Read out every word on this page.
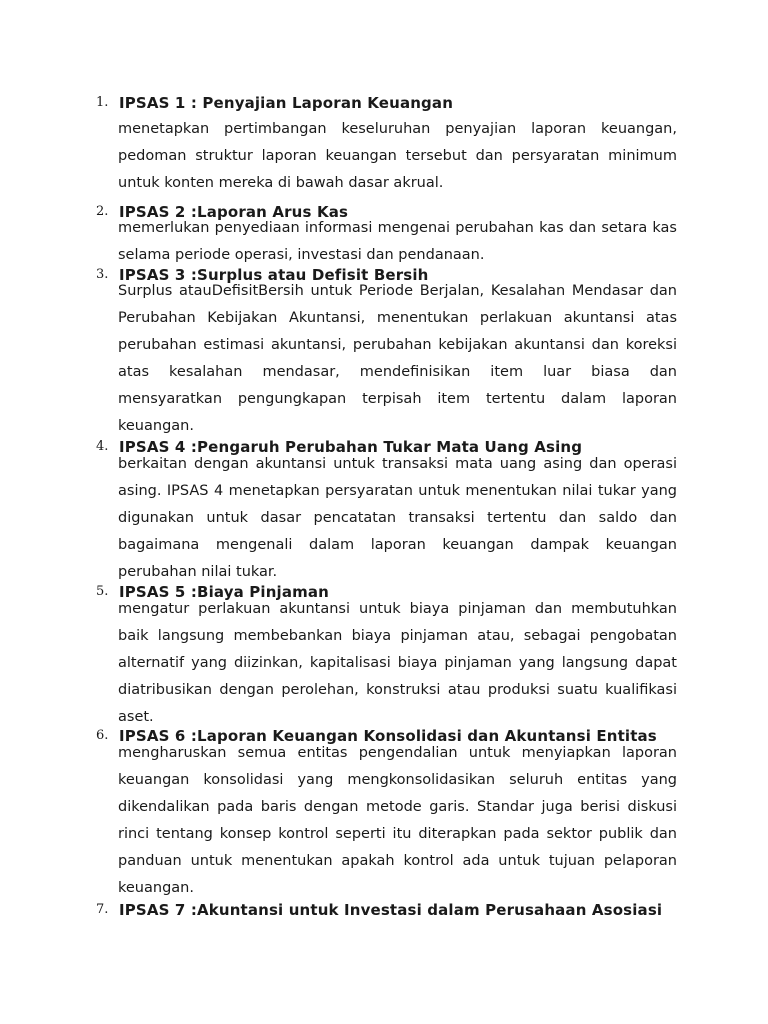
1. IPSAS 1 : Penyajian Laporan Keuangan
menetapkan pertimbangan keseluruhan penyajian laporan keuangan, pedoman struktur laporan keuangan tersebut dan persyaratan minimum untuk konten mereka di bawah dasar akrual.
2. IPSAS 2 :Laporan Arus Kas
memerlukan penyediaan informasi mengenai perubahan kas dan setara kas selama periode operasi, investasi dan pendanaan.
3. IPSAS 3 :Surplus atau Defisit Bersih
Surplus atauDefisitBersih untuk Periode Berjalan, Kesalahan Mendasar dan Perubahan Kebijakan Akuntansi, menentukan perlakuan akuntansi atas perubahan estimasi akuntansi, perubahan kebijakan akuntansi dan koreksi atas kesalahan mendasar, mendefinisikan item luar biasa dan mensyaratkan pengungkapan terpisah item tertentu dalam laporan keuangan.
4. IPSAS 4 :Pengaruh Perubahan Tukar Mata Uang Asing
berkaitan dengan akuntansi untuk transaksi mata uang asing dan operasi asing. IPSAS 4 menetapkan persyaratan untuk menentukan nilai tukar yang digunakan untuk dasar pencatatan transaksi tertentu dan saldo dan bagaimana mengenali dalam laporan keuangan dampak keuangan perubahan nilai tukar.
5. IPSAS 5 :Biaya Pinjaman
mengatur perlakuan akuntansi untuk biaya pinjaman dan membutuhkan baik langsung membebankan biaya pinjaman atau, sebagai pengobatan alternatif yang diizinkan, kapitalisasi biaya pinjaman yang langsung dapat diatribusikan dengan perolehan, konstruksi atau produksi suatu kualifikasi aset.
6. IPSAS 6 :Laporan Keuangan Konsolidasi dan Akuntansi Entitas
mengharuskan semua entitas pengendalian untuk menyiapkan laporan keuangan konsolidasi yang mengkonsolidasikan seluruh entitas yang dikendalikan pada baris dengan metode garis. Standar juga berisi diskusi rinci tentang konsep kontrol seperti itu diterapkan pada sektor publik dan panduan untuk menentukan apakah kontrol ada untuk tujuan pelaporan keuangan.
7. IPSAS 7 :Akuntansi untuk Investasi dalam Perusahaan Asosiasi
